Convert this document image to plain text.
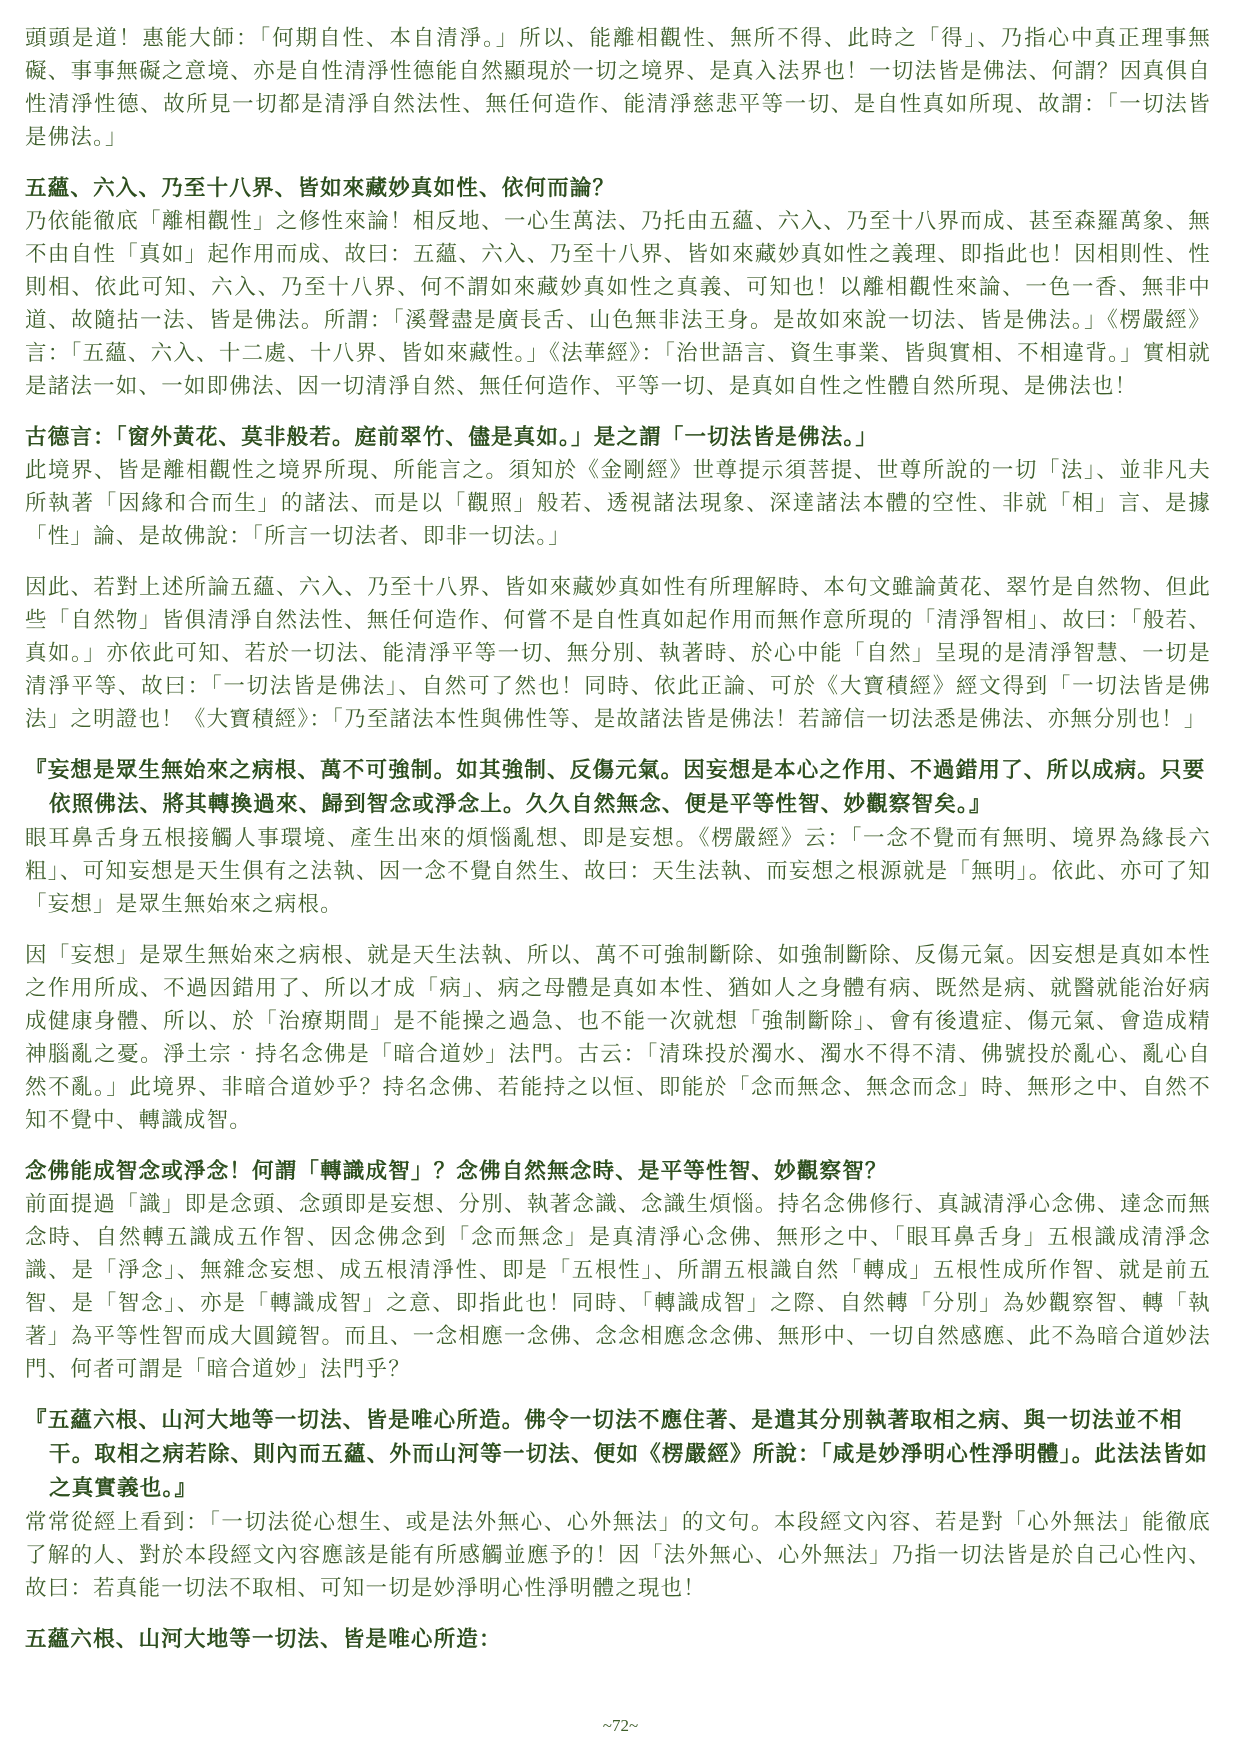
頭頭是道！惠能大師：「何期自性、本自清淨。」所以、能離相觀性、無所不得、此時之「得」、乃指心中真正理事無礙、事事無礙之意境、亦是自性清淨性德能自然顯現於一切之境界、是真入法界也！一切法皆是佛法、何謂？因真俱自性清淨性德、故所見一切都是清淨自然法性、無任何造作、能清淨慈悲平等一切、是自性真如所現、故謂：「一切法皆是佛法。」

五蘊、六入、乃至十八界、皆如來藏妙真如性、依何而論？

乃依能徹底「離相觀性」之修性來論！相反地、一心生萬法、乃托由五蘊、六入、乃至十八界而成、甚至森羅萬象、無不由自性「真如」起作用而成、故曰：五蘊、六入、乃至十八界、皆如來藏妙真如性之義理、即指此也！因相則性、性則相、依此可知、六入、乃至十八界、何不謂如來藏妙真如性之真義、可知也！以離相觀性來論、一色一香、無非中道、故隨拈一法、皆是佛法。所謂：「溪聲盡是廣長舌、山色無非法王身。是故如來說一切法、皆是佛法。」《楞嚴經》言：「五蘊、六入、十二處、十八界、皆如來藏性。」《法華經》：「治世語言、資生事業、皆與實相、不相違背。」實相就是諸法一如、一如即佛法、因一切清淨自然、無任何造作、平等一切、是真如自性之性體自然所現、是佛法也！

古德言：「窗外黃花、莫非般若。庭前翠竹、儘是真如。」是之謂「一切法皆是佛法。」

此境界、皆是離相觀性之境界所現、所能言之。須知於《金剛經》世尊提示須菩提、世尊所說的一切「法」、並非凡夫所執著「因緣和合而生」的諸法、而是以「觀照」般若、透視諸法現象、深達諸法本體的空性、非就「相」言、是據「性」論、是故佛說：「所言一切法者、即非一切法。」

因此、若對上述所論五蘊、六入、乃至十八界、皆如來藏妙真如性有所理解時、本句文雖論黃花、翠竹是自然物、但此些「自然物」皆俱清淨自然法性、無任何造作、何嘗不是自性真如起作用而無作意所現的「清淨智相」、故曰：「般若、真如。」亦依此可知、若於一切法、能清淨平等一切、無分別、執著時、於心中能「自然」呈現的是清淨智慧、一切是清淨平等、故曰：「一切法皆是佛法」、自然可了然也！同時、依此正論、可於《大寶積經》經文得到「一切法皆是佛法」之明證也！《大寶積經》：「乃至諸法本性與佛性等、是故諸法皆是佛法！若諦信一切法悉是佛法、亦無分別也！」

『妄想是眾生無始來之病根、萬不可強制。如其強制、反傷元氣。因妄想是本心之作用、不過錯用了、所以成病。只要依照佛法、將其轉換過來、歸到智念或淨念上。久久自然無念、便是平等性智、妙觀察智矣。』

眼耳鼻舌身五根接觸人事環境、產生出來的煩惱亂想、即是妄想。《楞嚴經》云：「一念不覺而有無明、境界為緣長六粗」、可知妄想是天生俱有之法執、因一念不覺自然生、故曰：天生法執、而妄想之根源就是「無明」。依此、亦可了知「妄想」是眾生無始來之病根。

因「妄想」是眾生無始來之病根、就是天生法執、所以、萬不可強制斷除、如強制斷除、反傷元氣。因妄想是真如本性之作用所成、不過因錯用了、所以才成「病」、病之母體是真如本性、猶如人之身體有病、既然是病、就醫就能治好病成健康身體、所以、於「治療期間」是不能操之過急、也不能一次就想「強制斷除」、會有後遺症、傷元氣、會造成精神腦亂之憂。淨土宗‧持名念佛是「暗合道妙」法門。古云：「清珠投於濁水、濁水不得不清、佛號投於亂心、亂心自然不亂。」此境界、非暗合道妙乎？持名念佛、若能持之以恒、即能於「念而無念、無念而念」時、無形之中、自然不知不覺中、轉識成智。

念佛能成智念或淨念！何謂「轉識成智」？念佛自然無念時、是平等性智、妙觀察智？

前面提過「識」即是念頭、念頭即是妄想、分別、執著念識、念識生煩惱。持名念佛修行、真誠清淨心念佛、達念而無念時、自然轉五識成五作智、因念佛念到「念而無念」是真清淨心念佛、無形之中、「眼耳鼻舌身」五根識成清淨念識、是「淨念」、無雜念妄想、成五根清淨性、即是「五根性」、所謂五根識自然「轉成」五根性成所作智、就是前五智、是「智念」、亦是「轉識成智」之意、即指此也！同時、「轉識成智」之際、自然轉「分別」為妙觀察智、轉「執著」為平等性智而成大圓鏡智。而且、一念相應一念佛、念念相應念念佛、無形中、一切自然感應、此不為暗合道妙法門、何者可謂是「暗合道妙」法門乎？

『五蘊六根、山河大地等一切法、皆是唯心所造。佛令一切法不應住著、是遣其分別執著取相之病、與一切法並不相干。取相之病若除、則內而五蘊、外而山河等一切法、便如《楞嚴經》所說：「咸是妙淨明心性淨明體」。此法法皆如之真實義也。』

常常從經上看到：「一切法從心想生、或是法外無心、心外無法」的文句。本段經文內容、若是對「心外無法」能徹底了解的人、對於本段經文內容應該是能有所感觸並應予的！因「法外無心、心外無法」乃指一切法皆是於自己心性內、故曰：若真能一切法不取相、可知一切是妙淨明心性淨明體之現也！

五蘊六根、山河大地等一切法、皆是唯心所造：

~72~
